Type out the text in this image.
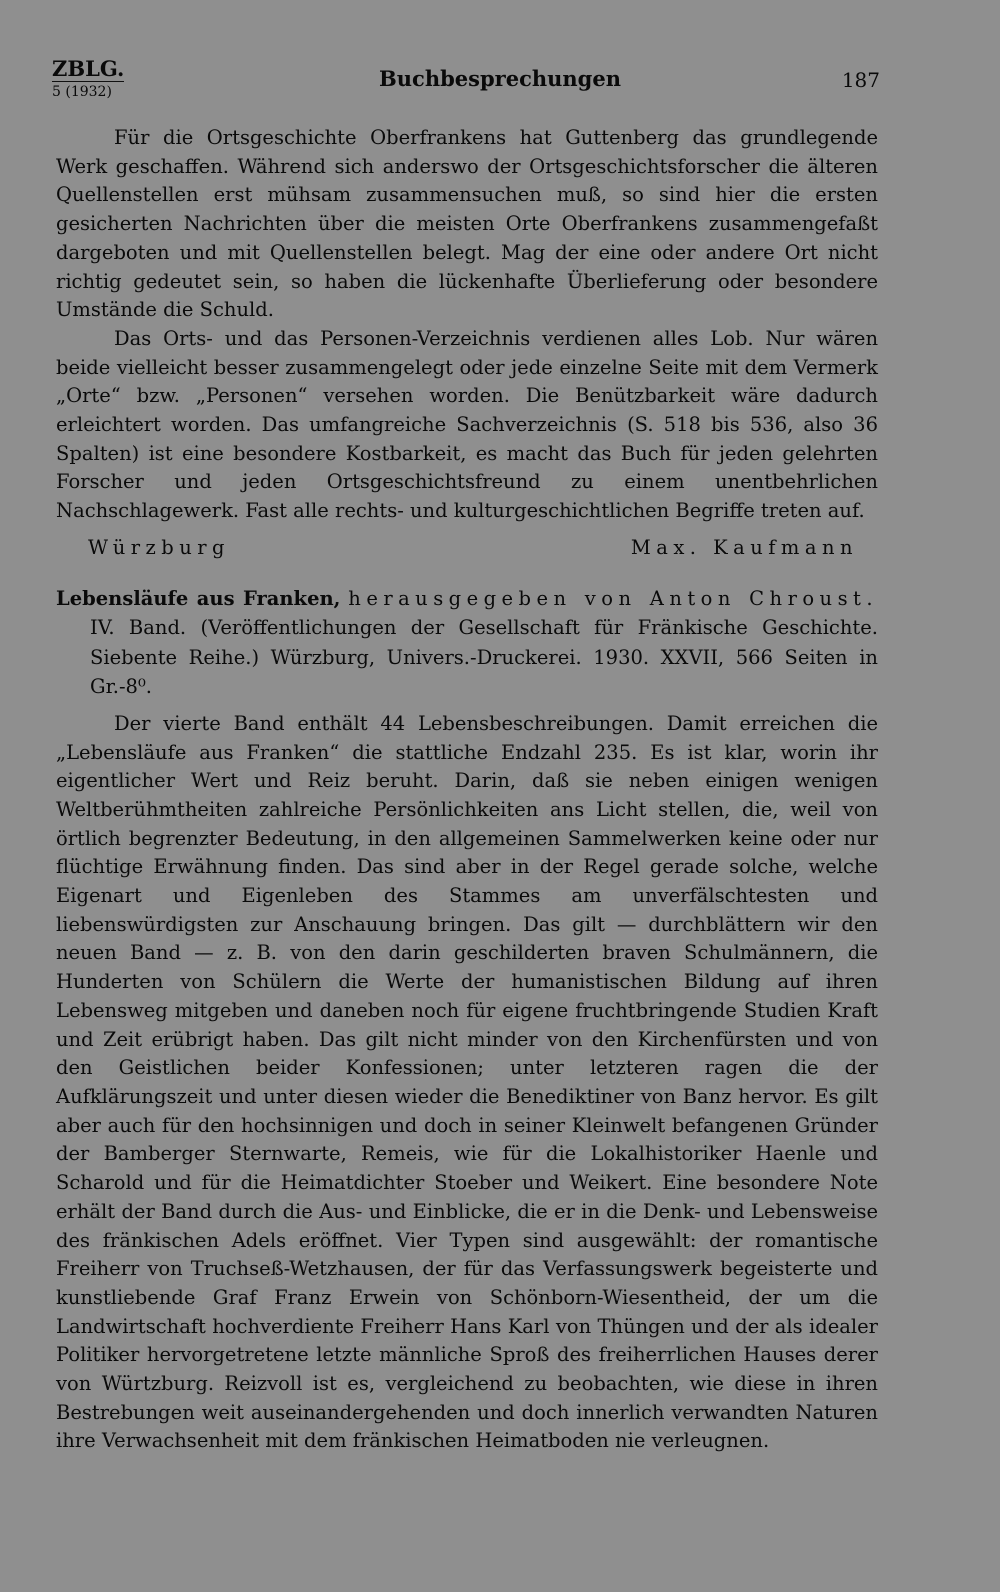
ZBLG.
5 (1932)
Buchbesprechungen	187

Für die Ortsgeschichte Oberfrankens hat Guttenberg das grundlegende Werk geschaffen. Während sich anderswo der Ortsgeschichtsforscher die älteren Quellenstellen erst mühsam zusammensuchen muß, so sind hier die ersten gesicherten Nachrichten über die meisten Orte Oberfrankens zusammengefaßt dargeboten und mit Quellenstellen belegt. Mag der eine oder andere Ort nicht richtig gedeutet sein, so haben die lückenhafte Überlieferung oder besondere Umstände die Schuld.

Das Orts- und das Personen-Verzeichnis verdienen alles Lob. Nur wären beide vielleicht besser zusammengelegt oder jede einzelne Seite mit dem Vermerk „Orte“ bzw. „Personen“ versehen worden. Die Benützbarkeit wäre dadurch erleichtert worden. Das umfangreiche Sachverzeichnis (S. 518 bis 536, also 36 Spalten) ist eine besondere Kostbarkeit, es macht das Buch für jeden gelehrten Forscher und jeden Ortsgeschichtsfreund zu einem unentbehrlichen Nachschlagewerk. Fast alle rechts- und kulturgeschichtlichen Begriffe treten auf.

Würzburg	Max. Kaufmann
Lebensläufe aus Franken, herausgegeben von Anton Chroust. IV. Band. (Veröffentlichungen der Gesellschaft für Fränkische Geschichte. Siebente Reihe.) Würzburg, Univers.-Druckerei. 1930. XXVII, 566 Seiten in Gr.-8⁰.

Der vierte Band enthält 44 Lebensbeschreibungen. Damit erreichen die „Lebensläufe aus Franken“ die stattliche Endzahl 235. Es ist klar, worin ihr eigentlicher Wert und Reiz beruht. Darin, daß sie neben einigen wenigen Weltberühmtheiten zahlreiche Persönlichkeiten ans Licht stellen, die, weil von örtlich begrenzter Bedeutung, in den allgemeinen Sammelwerken keine oder nur flüchtige Erwähnung finden. Das sind aber in der Regel gerade solche, welche Eigenart und Eigenleben des Stammes am unverfälschtesten und liebenswürdigsten zur Anschauung bringen. Das gilt — durchblättern wir den neuen Band — z. B. von den darin geschilderten braven Schulmännern, die Hunderten von Schülern die Werte der humanistischen Bildung auf ihren Lebensweg mitgeben und daneben noch für eigene fruchtbringende Studien Kraft und Zeit erübrigt haben. Das gilt nicht minder von den Kirchenfürsten und von den Geistlichen beider Konfessionen; unter letzteren ragen die der Aufklärungszeit und unter diesen wieder die Benediktiner von Banz hervor. Es gilt aber auch für den hochsinnigen und doch in seiner Kleinwelt befangenen Gründer der Bamberger Sternwarte, Remeis, wie für die Lokalhistoriker Haenle und Scharold und für die Heimatdichter Stoeber und Weikert. Eine besondere Note erhält der Band durch die Aus- und Einblicke, die er in die Denk- und Lebensweise des fränkischen Adels eröffnet. Vier Typen sind ausgewählt: der romantische Freiherr von Truchseß-Wetzhausen, der für das Verfassungswerk begeisterte und kunstliebende Graf Franz Erwein von Schönborn-Wiesentheid, der um die Landwirtschaft hochverdiente Freiherr Hans Karl von Thüngen und der als idealer Politiker hervorgetretene letzte männliche Sproß des freiherrlichen Hauses derer von Würtzburg. Reizvoll ist es, vergleichend zu beobachten, wie diese in ihren Bestrebungen weit auseinandergehenden und doch innerlich verwandten Naturen ihre Verwachsenheit mit dem fränkischen Heimatboden nie verleugnen.
